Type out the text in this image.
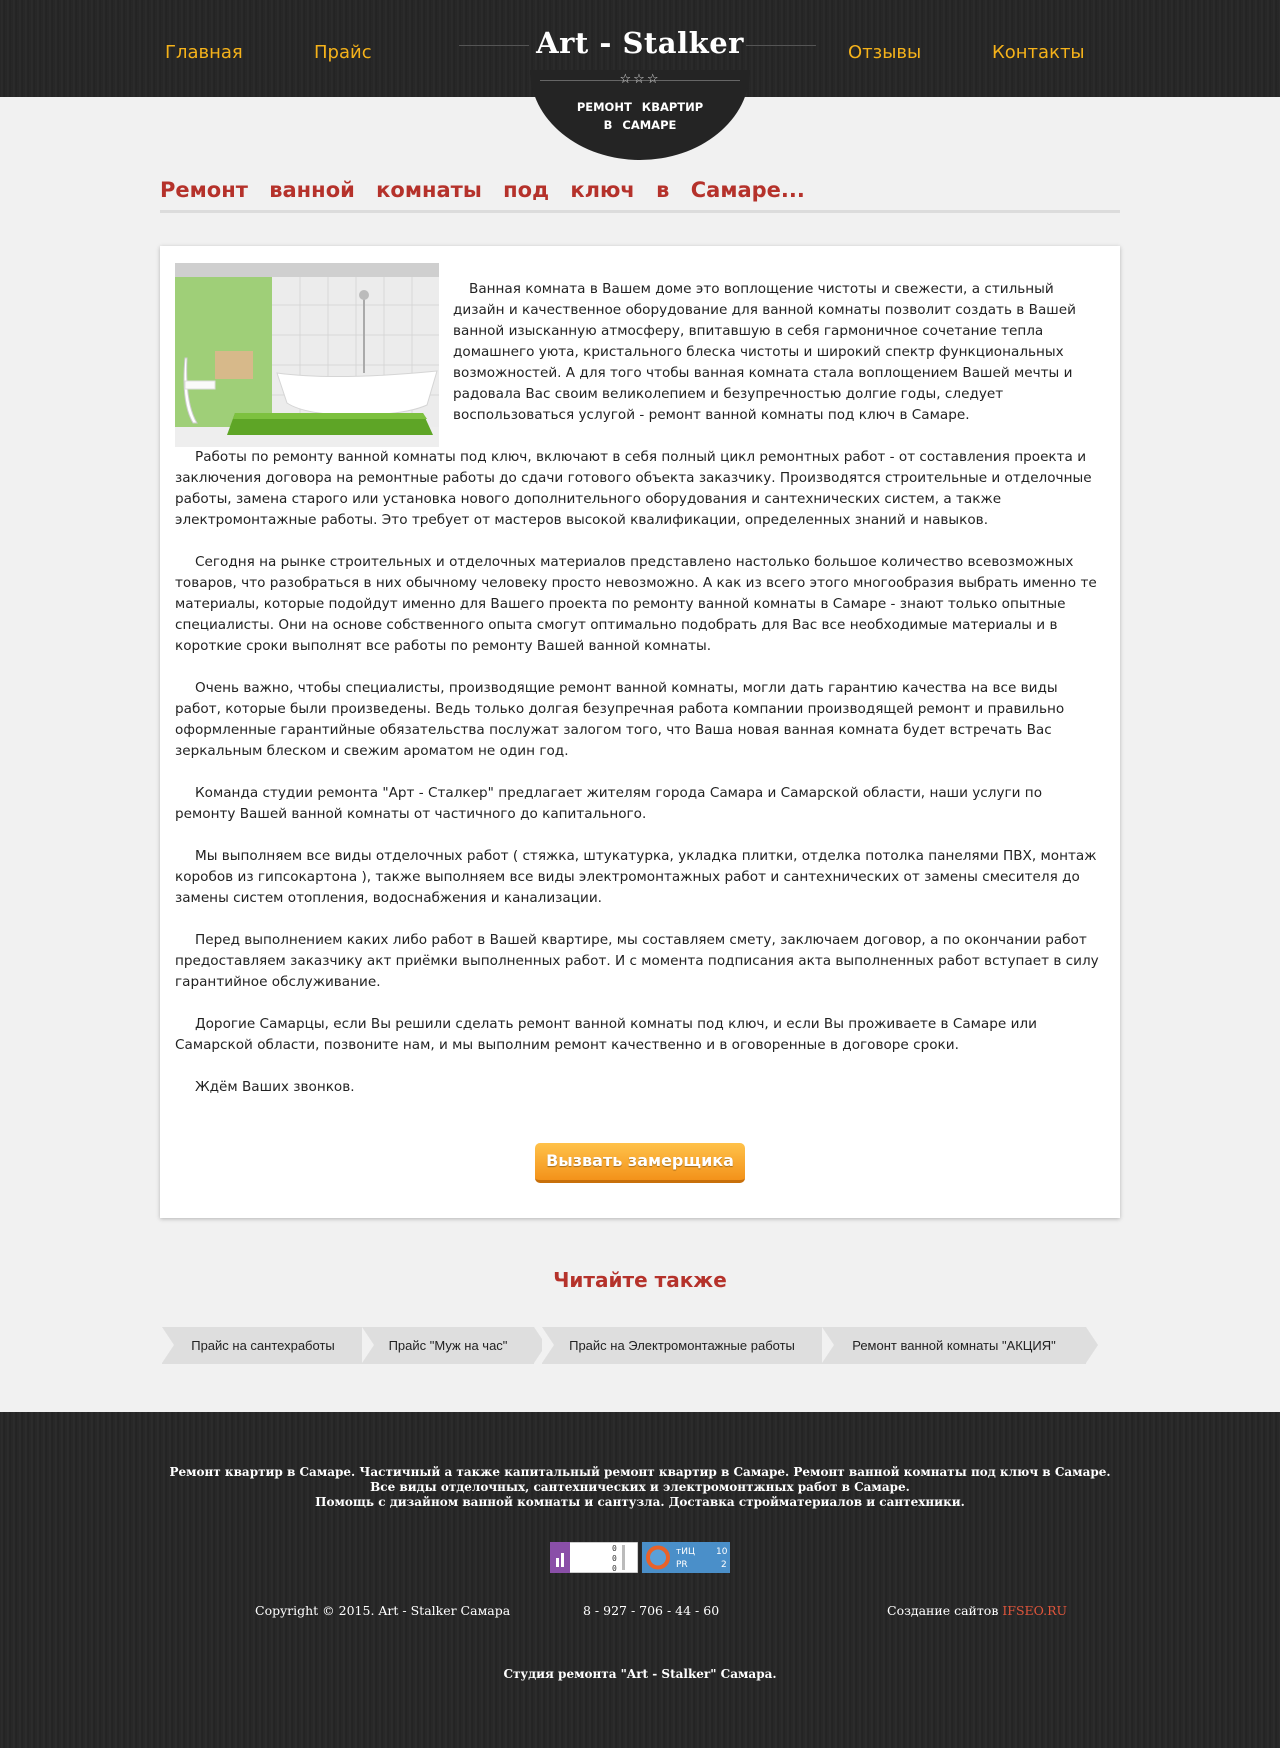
Главная	Прайс	Отзывы	Контакты
Art - Stalker
☆☆☆
РЕМОНТ КВАРТИР
В САМАРЕ
Ремонт ванной комнаты под ключ в Самаре...

Ванная комната в Вашем доме это воплощение чистоты и свежести, а стильный дизайн и качественное оборудование для ванной комнаты позволит создать в Вашей ванной изысканную атмосферу, впитавшую в себя гармоничное сочетание тепла домашнего уюта, кристального блеска чистоты и широкий спектр функциональных возможностей. А для того чтобы ванная комната стала воплощением Вашей мечты и радовала Вас своим великолепием и безупречностью долгие годы, следует воспользоваться услугой - ремонт ванной комнаты под ключ в Самаре.

Работы по ремонту ванной комнаты под ключ, включают в себя полный цикл ремонтных работ - от составления проекта и заключения договора на ремонтные работы до сдачи готового объекта заказчику. Производятся строительные и отделочные работы, замена старого или установка нового дополнительного оборудования и сантехнических систем, а также электромонтажные работы. Это требует от мастеров высокой квалификации, определенных знаний и навыков.

Сегодня на рынке строительных и отделочных материалов представлено настолько большое количество всевозможных товаров, что разобраться в них обычному человеку просто невозможно. А как из всего этого многообразия выбрать именно те материалы, которые подойдут именно для Вашего проекта по ремонту ванной комнаты в Самаре - знают только опытные специалисты. Они на основе собственного опыта смогут оптимально подобрать для Вас все необходимые материалы и в короткие сроки выполнят все работы по ремонту Вашей ванной комнаты.

Очень важно, чтобы специалисты, производящие ремонт ванной комнаты, могли дать гарантию качества на все виды работ, которые были произведены. Ведь только долгая безупречная работа компании производящей ремонт и правильно оформленные гарантийные обязательства послужат залогом того, что Ваша новая ванная комната будет встречать Вас зеркальным блеском и свежим ароматом не один год.

Команда студии ремонта "Арт - Сталкер" предлагает жителям города Самара и Самарской области, наши услуги по ремонту Вашей ванной комнаты от частичного до капитального.

Мы выполняем все виды отделочных работ ( стяжка, штукатурка, укладка плитки, отделка потолка панелями ПВХ, монтаж коробов из гипсокартона ), также выполняем все виды электромонтажных работ и сантехнических от замены смесителя до замены систем отопления, водоснабжения и канализации.

Перед выполнением каких либо работ в Вашей квартире, мы составляем смету, заключаем договор, а по окончании работ предоставляем заказчику акт приёмки выполненных работ. И с момента подписания акта выполненных работ вступает в силу гарантийное обслуживание.

Дорогие Самарцы, если Вы решили сделать ремонт ванной комнаты под ключ, и если Вы проживаете в Самаре или Самарской области, позвоните нам, и мы выполним ремонт качественно и в оговоренные в договоре сроки.

Ждём Ваших звонков.

Вызвать замерщика
Читайте также
Прайс на сантехработы	Прайс "Муж на час"	Прайс на Электромонтажные работы	Ремонт ванной комнаты "АКЦИЯ"
Ремонт квартир в Самаре. Частичный а также капитальный ремонт квартир в Самаре. Ремонт ванной комнаты под ключ в Самаре.
Все виды отделочных, сантехнических и электромонтжных работ в Самаре.
Помощь с дизайном ванной комнаты и сантузла. Доставка стройматериалов и сантехники.
0
0
0
тИЦ 10
PR	2
Copyright © 2015. Art - Stalker Самара	8 - 927 - 706 - 44 - 60	Создание сайтов IFSEO.RU
Студия ремонта "Art - Stalker" Самара.
